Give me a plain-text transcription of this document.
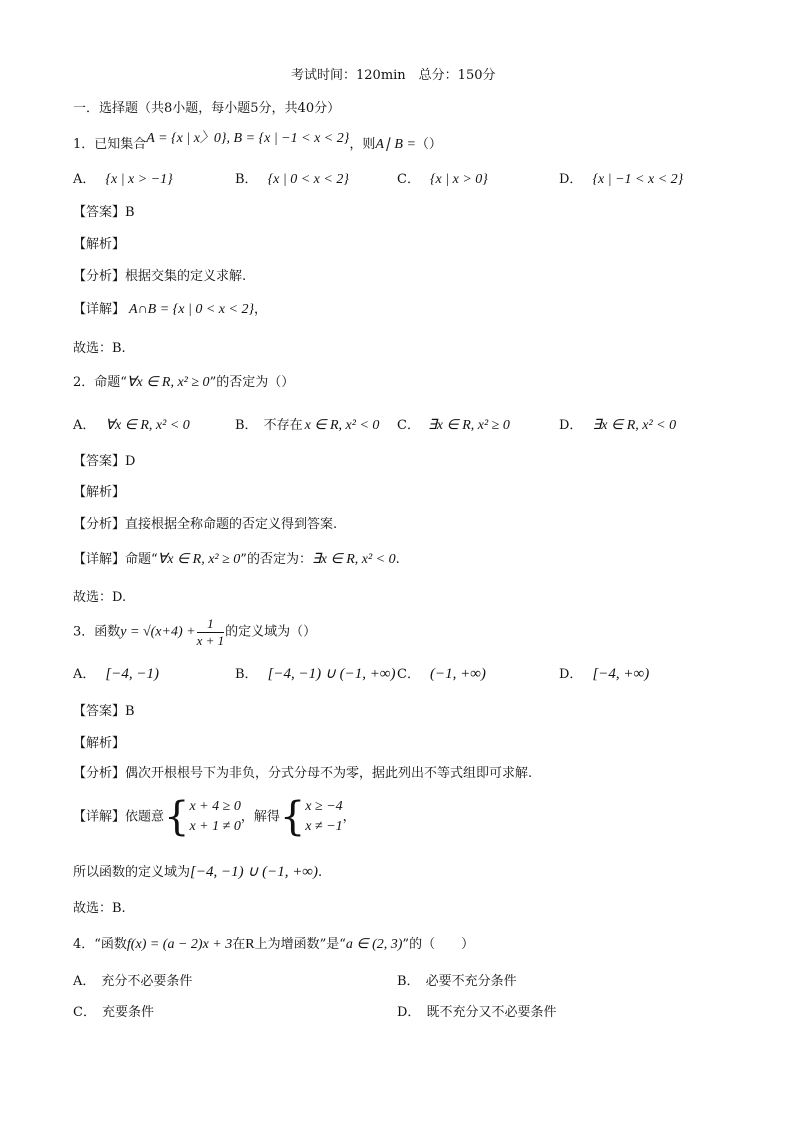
考试时间：120min　总分：150分
一．选择题（共8小题，每小题5分，共40分）
1．已知集合A = {x | x〉0}, B = {x | −1 < x < 2}，则A∣ B =（）
A． {x | x > −1}	B． {x | 0 < x < 2}	C． {x | x > 0}	D． {x | −1 < x < 2}
【答案】B
【解析】
【分析】根据交集的定义求解.
【详解】 A∩B = {x | 0 < x < 2}，
故选：B.
2．命题“∀x ∈ R, x² ≥ 0”的否定为（）
A． ∀x ∈ R, x² < 0	B． 不存在 x ∈ R, x² < 0 C． ∃x ∈ R, x² ≥ 0	D． ∃x ∈ R, x² < 0
【答案】D
【解析】
【分析】直接根据全称命题的否定义得到答案.
【详解】命题“∀x ∈ R, x² ≥ 0”的否定为：∃x ∈ R, x² < 0.
故选：D.
3．函数$y = √(x+4) + \frac{1}{x + 1}$ 的定义域为（）
A． [−4, −1)	B． [−4, −1) ∪ (−1, +∞) C． (−1, +∞)	D． [−4, +∞)
【答案】B
【解析】
【分析】偶次开根根号下为非负，分式分母不为零，据此列出不等式组即可求解.
【详解】依题意{ x + 4 ≥ 0
x + 1 ≠ 0
，解得{ x ≥ −4
x ≠ −1
，
所以函数的定义域为[−4, −1) ∪ (−1, +∞).
故选：B.
4．“函数f(x) = (a − 2)x + 3在R上为增函数”是“a ∈ (2, 3)”的（　　）
A． 充分不必要条件	B． 必要不充分条件
C． 充要条件	D． 既不充分又不必要条件
